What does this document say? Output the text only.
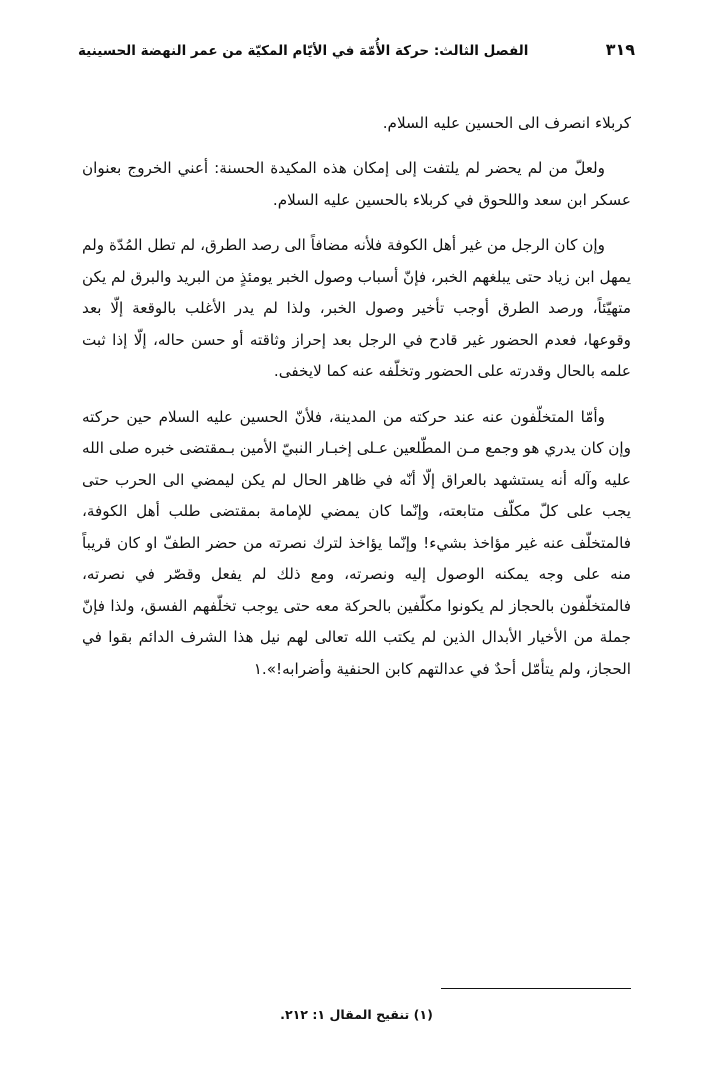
الفصل الثالث: حركة الأُمّة في الأيّام المكيّة من عمر النهضة الحسينية	٣١٩

كربلاء انصرف الى الحسين عليه السلام.

ولعلّ من لم يحضر لم يلتفت إلى إمكان هذه المكيدة الحسنة: أعني الخروج بعنوان عسكر ابن سعد واللحوق في كربلاء بالحسين عليه السلام.

وإن كان الرجل من غير أهل الكوفة فلأنه مضافاً الى رصد الطرق، لم تطل المُدّة ولم يمهل ابن زياد حتى يبلغهم الخبر، فإنّ أسباب وصول الخبر يومئذٍ من البريد والبرق لم يكن متهيّئاً، ورصد الطرق أوجب تأخير وصول الخبر، ولذا لم يدر الأغلب بالوقعة إلّا بعد وقوعها، فعدم الحضور غير قادح في الرجل بعد إحراز وثاقته أو حسن حاله، إلّا إذا ثبت علمه بالحال وقدرته على الحضور وتخلّفه عنه كما لايخفى.

وأمّا المتخلّفون عنه عند حركته من المدينة، فلأنّ الحسين عليه السلام حين حركته وإن كان يدري هو وجمع مـن المطّلعين عـلى إخبـار النبيّ الأمين بـمقتضى خبره صلى الله عليه وآله أنه يستشهد بالعراق إلّا أنّه في ظاهر الحال لم يكن ليمضي الى الحرب حتى يجب على كلّ مكلّف متابعته، وإنّما كان يمضي للإمامة بمقتضى طلب أهل الكوفة، فالمتخلّف عنه غير مؤاخذ بشيء! وإنّما يؤاخذ لترك نصرته من حضر الطفّ او كان قريباً منه على وجه يمكنه الوصول إليه ونصرته، ومع ذلك لم يفعل وقصّر في نصرته، فالمتخلّفون بالحجاز لم يكونوا مكلّفين بالحركة معه حتى يوجب تخلّفهم الفسق، ولذا فإنّ جملة من الأخيار الأبدال الذين لم يكتب الله تعالى لهم نيل هذا الشرف الدائم بقوا في الحجاز، ولم يتأمّل أحدٌ في عدالتهم كابن الحنفية وأضرابه!».١

(١) تنقيح المقال ١: ٢١٢.
